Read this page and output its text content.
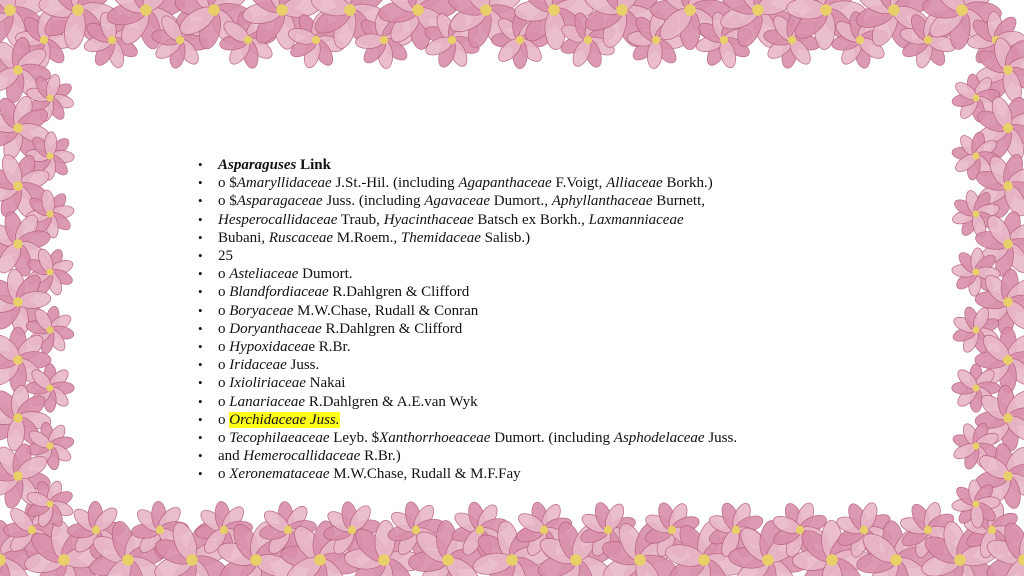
• Asparaguses Link
• o $Amaryllidaceae J.St.-Hil. (including Agapanthaceae F.Voigt, Alliaceae Borkh.)
• o $Asparagaceae Juss. (including Agavaceae Dumort., Aphyllanthaceae Burnett,
• Hesperocallidaceae Traub, Hyacinthaceae Batsch ex Borkh., Laxmanniaceae
• Bubani, Ruscaceae M.Roem., Themidaceae Salisb.)
• 25
• o Asteliaceae Dumort.
• o Blandfordiaceae R.Dahlgren & Clifford
• o Boryaceae M.W.Chase, Rudall & Conran
• o Doryanthaceae R.Dahlgren & Clifford
• o Hypoxidaceae R.Br.
• o Iridaceae Juss.
• o Ixioliriaceae Nakai
• o Lanariaceae R.Dahlgren & A.E.van Wyk
• o Orchidaceae Juss.
• o Tecophilaeaceae Leyb. $Xanthorrhoeaceae Dumort. (including Asphodelaceae Juss.
• and Hemerocallidaceae R.Br.)
• o Xeronemataceae M.W.Chase, Rudall & M.F.Fay
